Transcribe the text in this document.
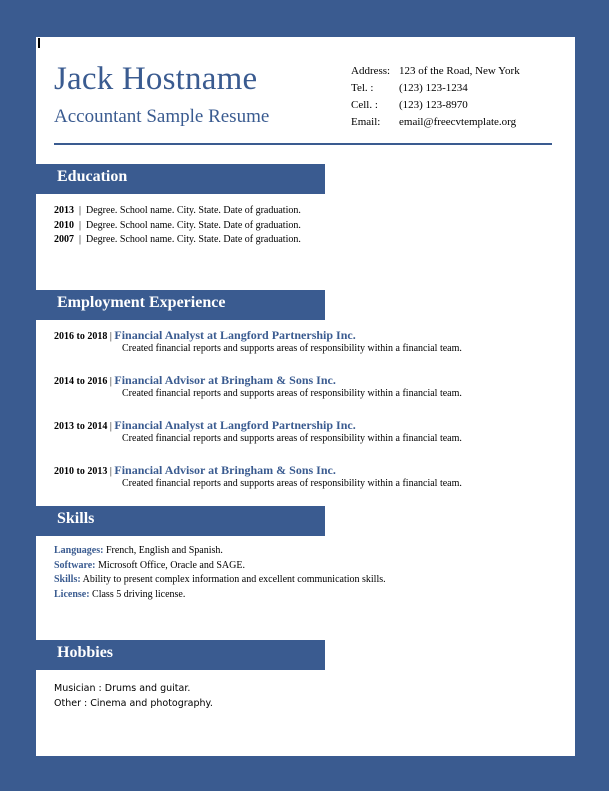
Jack Hostname
Accountant Sample Resume
Address: 123 of the Road, New York
Tel. : (123) 123-1234
Cell. : (123) 123-8970
Email: email@freecvtemplate.org
Education
2013  |  Degree. School name. City. State. Date of graduation.
2010  |  Degree. School name. City. State. Date of graduation.
2007  |  Degree. School name. City. State. Date of graduation.
Employment Experience
2016 to 2018 | Financial Analyst at Langford Partnership Inc.
Created financial reports and supports areas of responsibility within a financial team.
2014 to 2016 | Financial Advisor at Bringham & Sons Inc.
Created financial reports and supports areas of responsibility within a financial team.
2013 to 2014 | Financial Analyst at Langford Partnership Inc.
Created financial reports and supports areas of responsibility within a financial team.
2010 to 2013 | Financial Advisor at Bringham & Sons Inc.
Created financial reports and supports areas of responsibility within a financial team.
Skills
Languages: French, English and Spanish.
Software: Microsoft Office, Oracle and SAGE.
Skills: Ability to present complex information and excellent communication skills.
License: Class 5 driving license.
Hobbies
Musician : Drums and guitar.
Other : Cinema and photography.
